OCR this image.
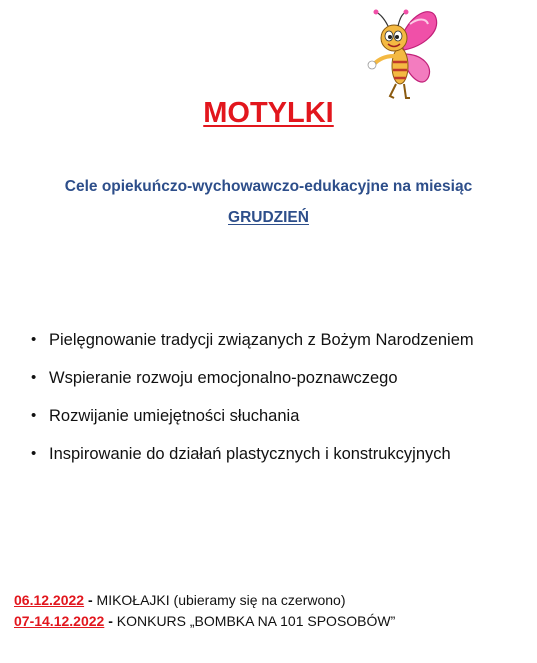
MOTYLKI
Cele opiekuńczo-wychowawczo-edukacyjne na miesiąc
GRUDZIEŃ
• Pielęgnowanie tradycji związanych z Bożym Narodzeniem
• Wspieranie rozwoju emocjonalno-poznawczego
• Rozwijanie umiejętności słuchania
• Inspirowanie do działań plastycznych i konstrukcyjnych
06.12.2022 - MIKOŁAJKI (ubieramy się na czerwono)
07-14.12.2022 - KONKURS „BOMBKA NA 101 SPOSOBÓW”
